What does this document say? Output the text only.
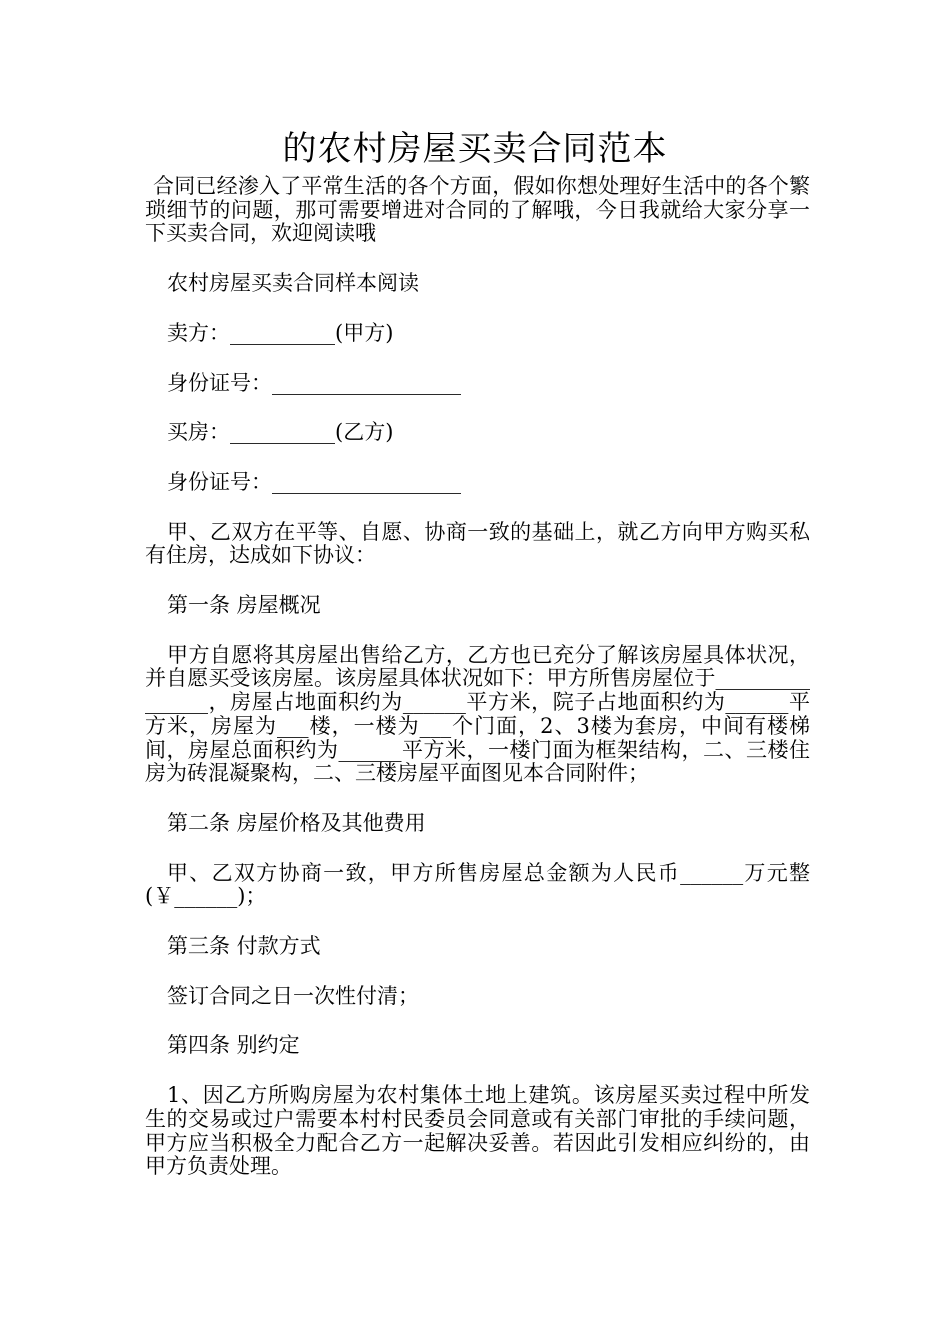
的农村房屋买卖合同范本

合同已经渗入了平常生活的各个方面，假如你想处理好生活中的各个繁琐细节的问题，那可需要增进对合同的了解哦，今日我就给大家分享一下买卖合同，欢迎阅读哦

农村房屋买卖合同样本阅读

卖方：__________(甲方)

身份证号：__________________

买房：__________(乙方)

身份证号：__________________

甲、乙双方在平等、自愿、协商一致的基础上，就乙方向甲方购买私有住房，达成如下协议：

第一条 房屋概况

甲方自愿将其房屋出售给乙方，乙方也已充分了解该房屋具体状况，并自愿买受该房屋。该房屋具体状况如下：甲方所售房屋位于_______________，房屋占地面积约为______平方米，院子占地面积约为______平方米，房屋为___楼，一楼为___个门面，2、3楼为套房，中间有楼梯间，房屋总面积约为______平方米，一楼门面为框架结构，二、三楼住房为砖混凝聚构，二、三楼房屋平面图见本合同附件；

第二条 房屋价格及其他费用

甲、乙双方协商一致，甲方所售房屋总金额为人民币______万元整(￥______)；

第三条 付款方式

签订合同之日一次性付清；

第四条 别约定

1、因乙方所购房屋为农村集体土地上建筑。该房屋买卖过程中所发生的交易或过户需要本村村民委员会同意或有关部门审批的手续问题，甲方应当积极全力配合乙方一起解决妥善。若因此引发相应纠纷的，由甲方负责处理。
